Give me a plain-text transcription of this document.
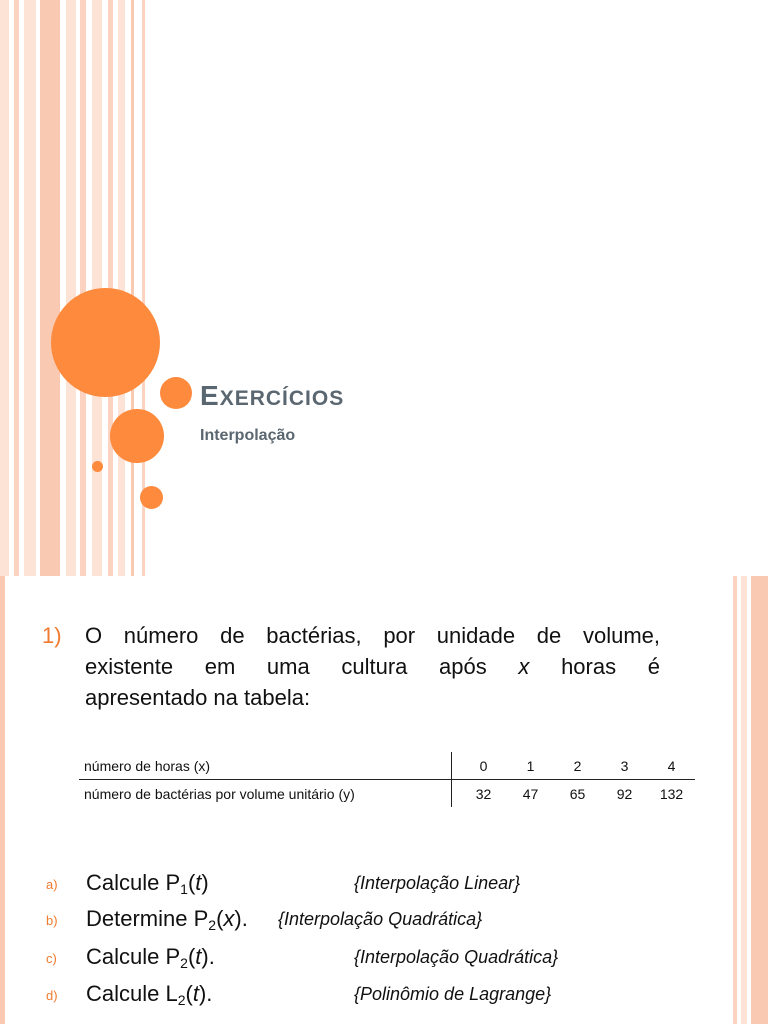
EXERCÍCIOS
Interpolação
1) O número de bactérias, por unidade de volume,
existente em uma cultura após x horas é
apresentado na tabela:
número de horas (x)		0	1	2	3	4
número de bactérias por volume unitário (y)		32	47	65	92	132
a) Calcule $P_1(t)$	{Interpolação Linear}
b) Determine $P_2(x)$. {Interpolação Quadrática}
c) Calcule $P_2(t)$.	{Interpolação Quadrática}
d) Calcule $L_2(t)$.	{Polinômio de Lagrange}
